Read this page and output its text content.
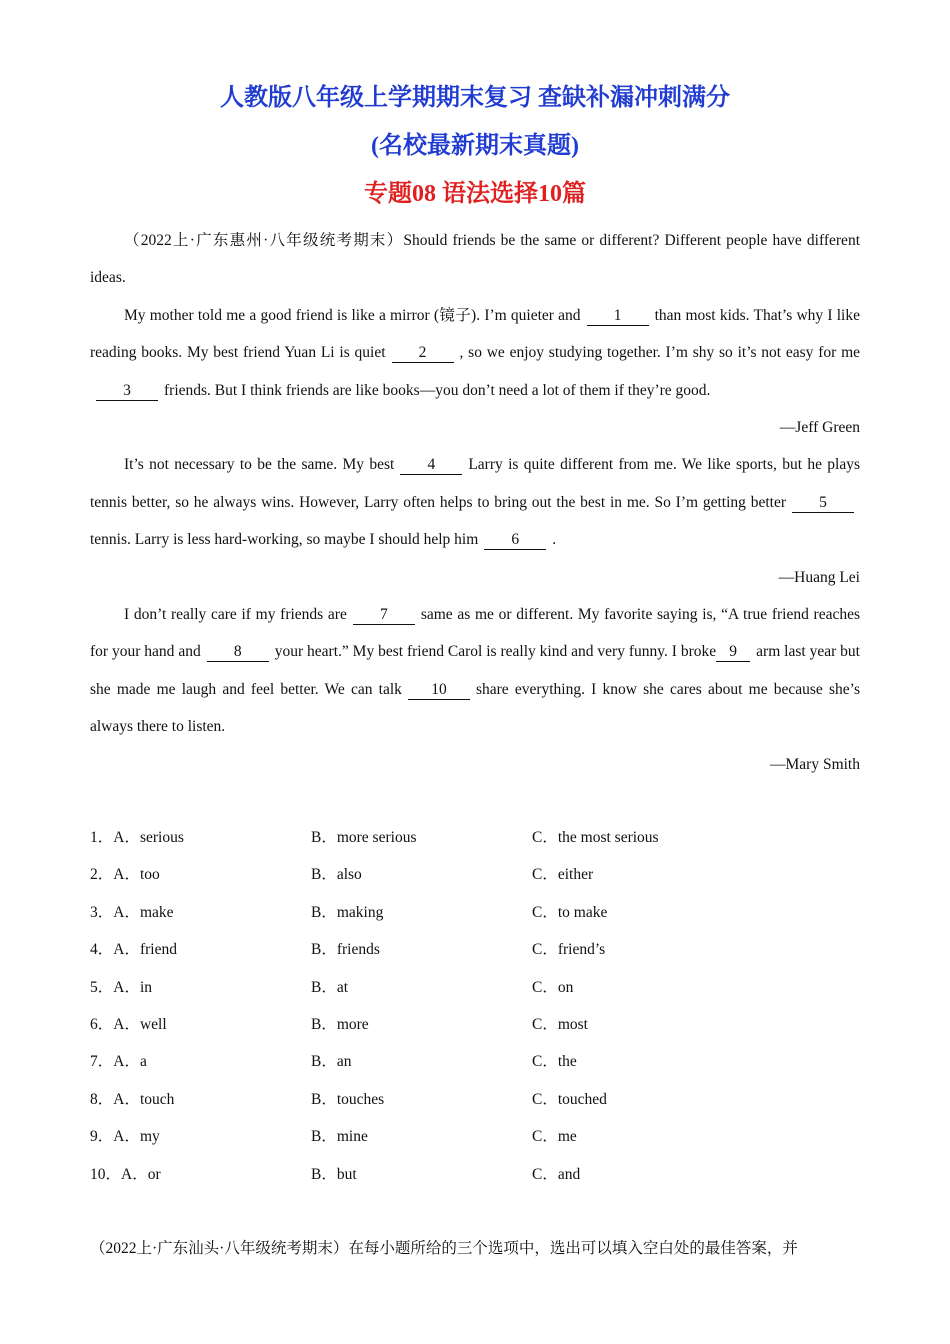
人教版八年级上学期期末复习 查缺补漏冲刺满分
(名校最新期末真题)
专题08 语法选择10篇

（2022上·广东惠州·八年级统考期末）Should friends be the same or different? Different people have different ideas.

My mother told me a good friend is like a mirror (镜子). I’m quieter and 1 than most kids. That’s why I like reading books. My best friend Yuan Li is quiet 2 , so we enjoy studying together. I’m shy so it’s not easy for me3 friends. But I think friends are like books—you don’t need a lot of them if they’re good.

—Jeff Green

It’s not necessary to be the same. My best 4 Larry is quite different from me. We like sports, but he plays tennis better, so he always wins. However, Larry often helps to bring out the best in me. So I’m getting better 5tennis. Larry is less hard-working, so maybe I should help him 6 .

—Huang Lei

I don’t really care if my friends are 7 same as me or different. My favorite saying is, “A true friend reaches for your hand and 8 your heart.” My best friend Carol is really kind and very funny. I broke 9 arm last year but she made me laugh and feel better. We can talk 10 share everything. I know she cares about me because she’s always there to listen.

—Mary Smith

1．A．serious	B．more serious	C．the most serious
2．A．too	B．also	C．either
3．A．make	B．making	C．to make
4．A．friend	B．friends	C．friend’s
5．A．in	B．at	C．on
6．A．well	B．more	C．most
7．A．a	B．an	C．the
8．A．touch	B．touches	C．touched
9．A．my	B．mine	C．me
10．A．or	B．but	C．and
（2022上·广东汕头·八年级统考期末）在每小题所给的三个选项中，选出可以填入空白处的最佳答案，并
